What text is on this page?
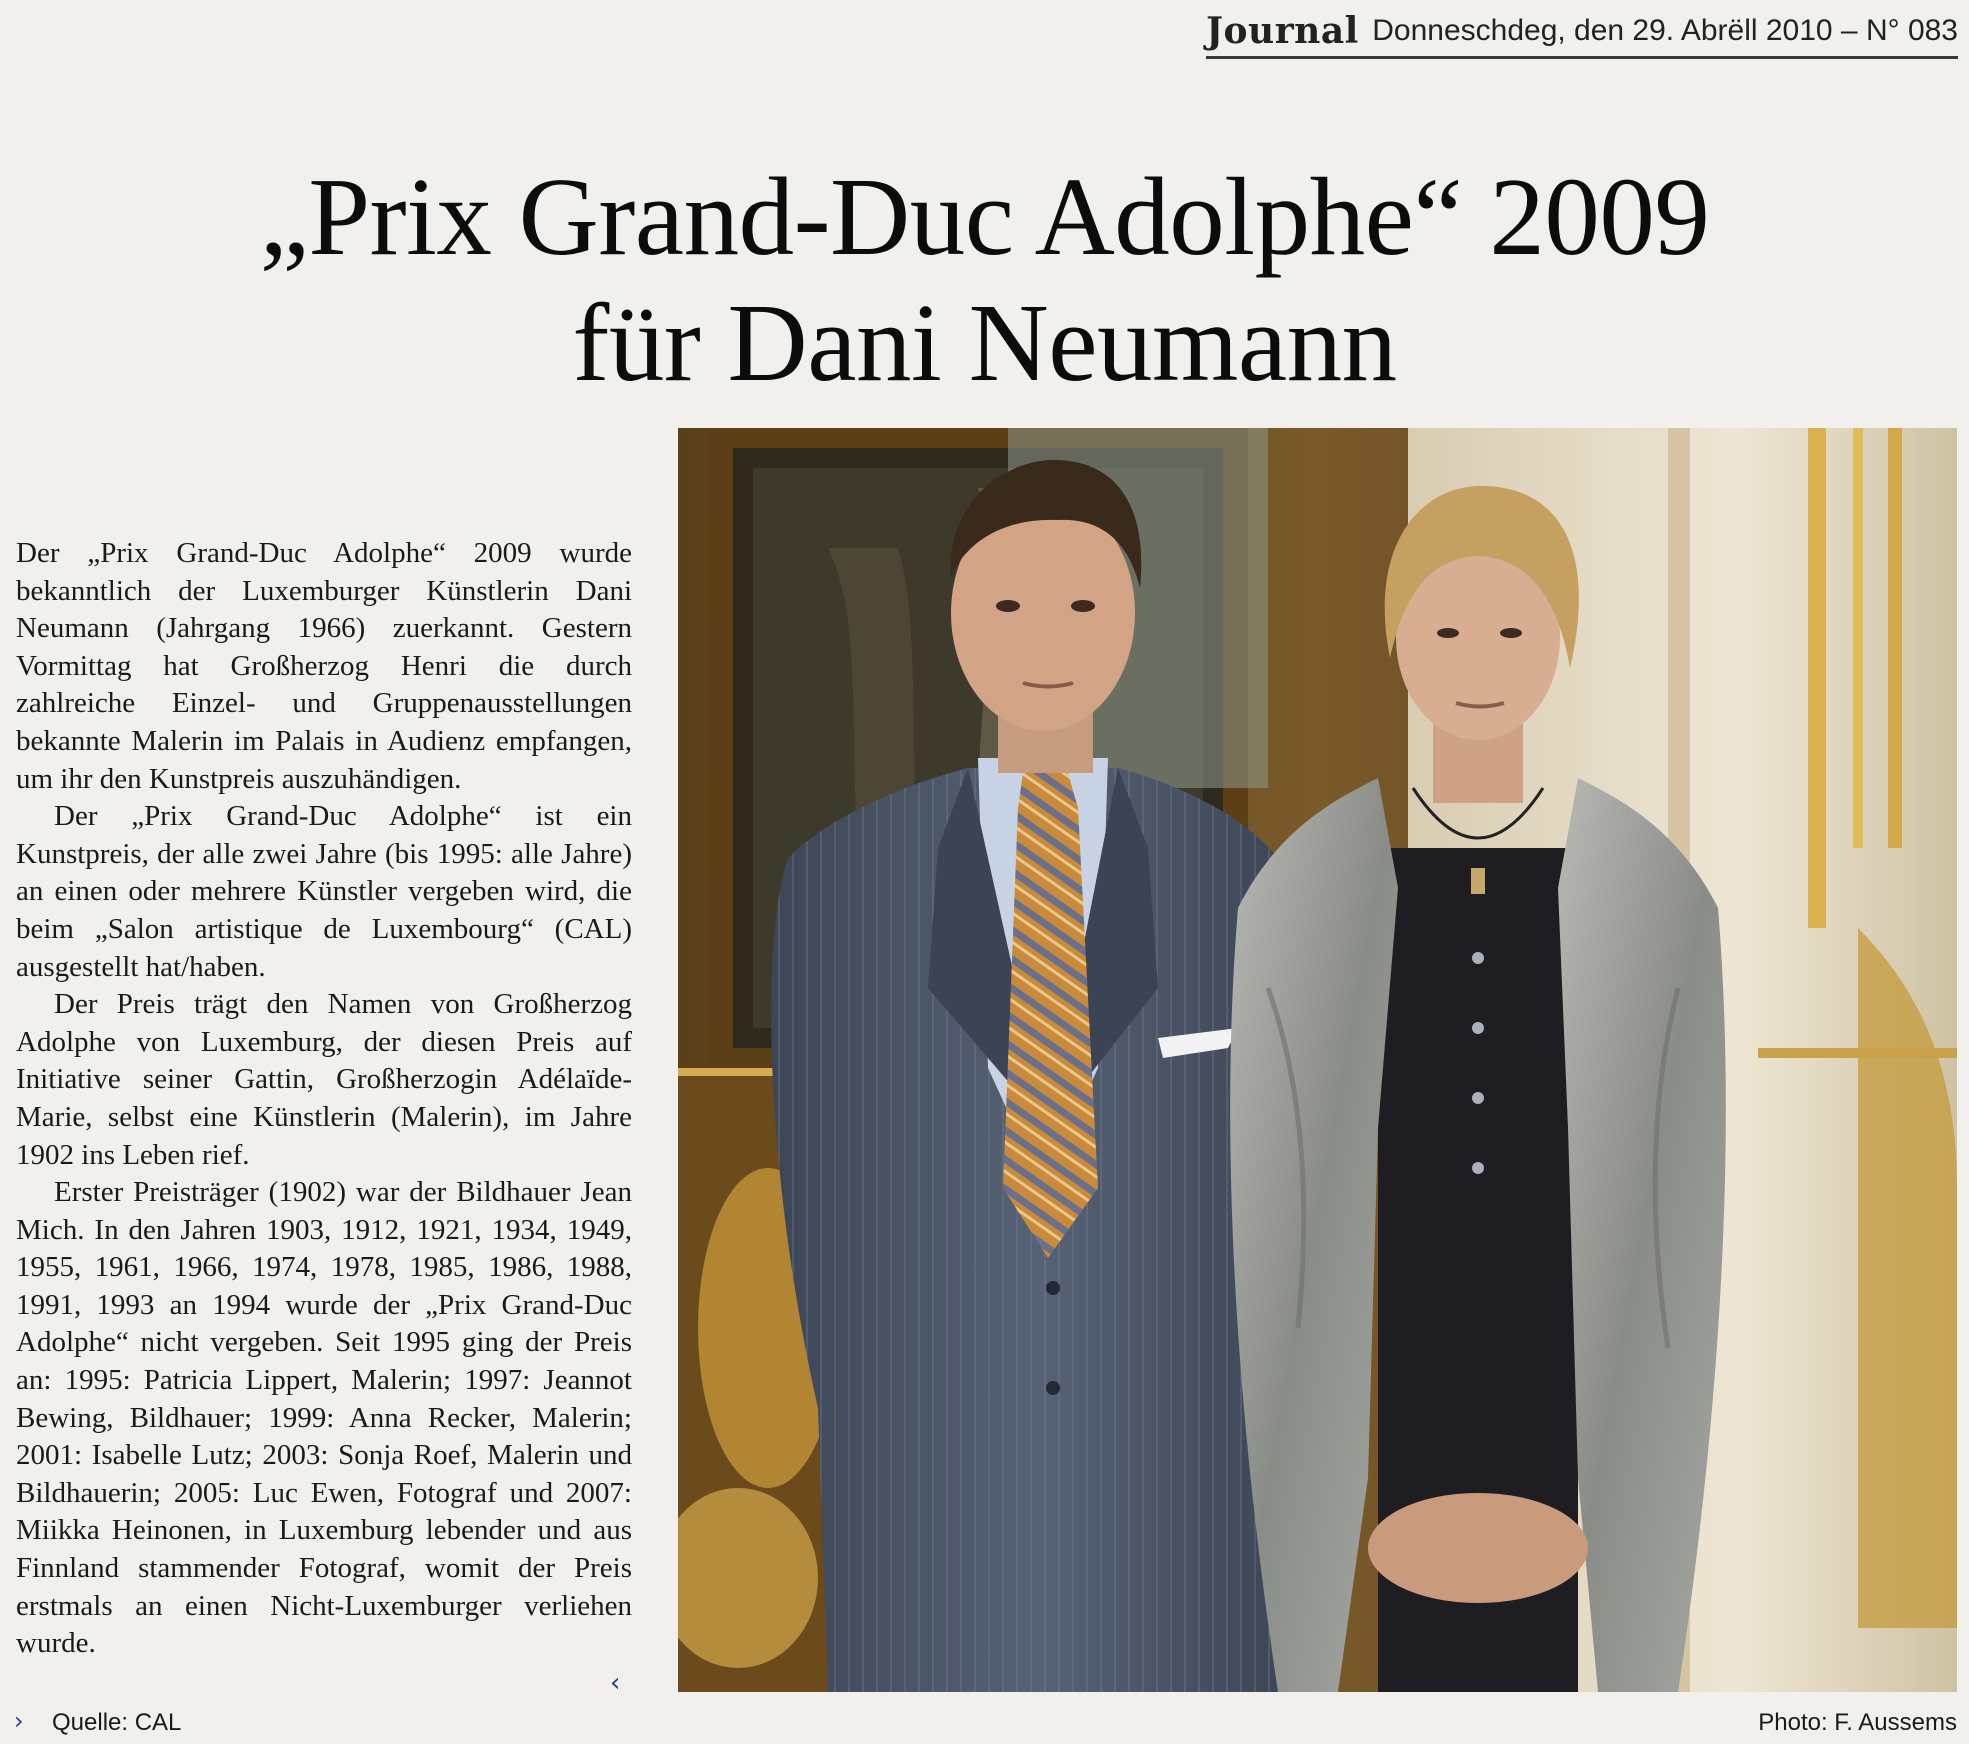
Journal Donneschdeg, den 29. Abrëll 2010 – N° 083
„Prix Grand-Duc Adolphe“ 2009
für Dani Neumann

Der „Prix Grand-Duc Adolphe“ 2009 wurde bekanntlich der Luxemburger Künstlerin Dani Neumann (Jahrgang 1966) zuerkannt. Gestern Vormittag hat Großherzog Henri die durch zahlreiche Einzel- und Gruppenausstellungen bekannte Malerin im Palais in Audienz empfangen, um ihr den Kunstpreis auszuhändigen.

Der „Prix Grand-Duc Adolphe“ ist ein Kunstpreis, der alle zwei Jahre (bis 1995: alle Jahre) an einen oder mehrere Künstler vergeben wird, die beim „Salon artistique de Luxembourg“ (CAL) ausgestellt hat/haben.

Der Preis trägt den Namen von Großherzog Adolphe von Luxemburg, der diesen Preis auf Initiative seiner Gattin, Großherzogin Adélaïde-Marie, selbst eine Künstlerin (Malerin), im Jahre 1902 ins Leben rief.

Erster Preisträger (1902) war der Bildhauer Jean Mich. In den Jahren 1903, 1912, 1921, 1934, 1949, 1955, 1961, 1966, 1974, 1978, 1985, 1986, 1988, 1991, 1993 an 1994 wurde der „Prix Grand-Duc Adolphe“ nicht vergeben. Seit 1995 ging der Preis an: 1995: Patricia Lippert, Malerin; 1997: Jeannot Bewing, Bildhauer; 1999: Anna Recker, Malerin; 2001: Isabelle Lutz; 2003: Sonja Roef, Malerin und Bildhauerin; 2005: Luc Ewen, Fotograf und 2007: Miikka Heinonen, in Luxemburg lebender und aus Finnland stammender Fotograf, womit der Preis erstmals an einen Nicht-Luxemburger verliehen wurde.

‹
› Quelle: CAL	Photo: F. Aussems
